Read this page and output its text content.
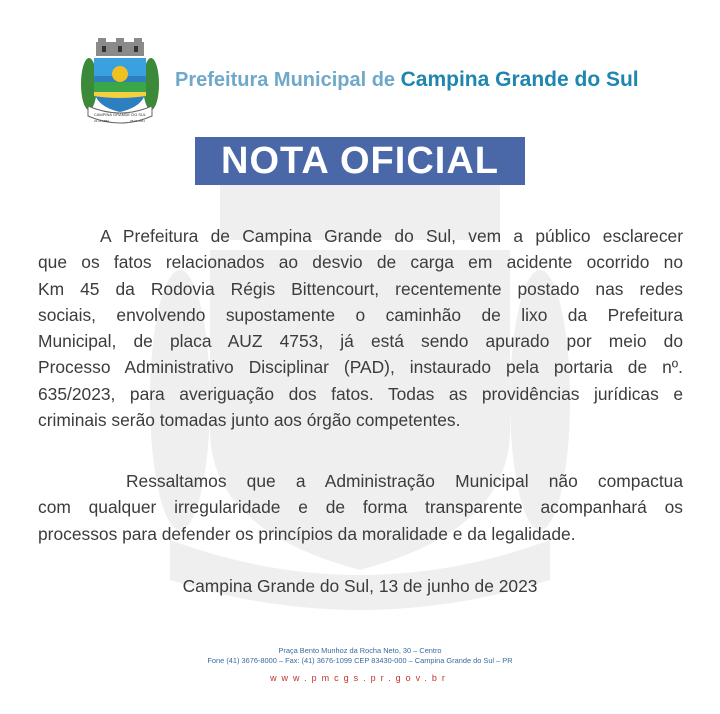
CAMPINA GRANDE DO SUL
22.11.1883	28.01.1951
Prefeitura Municipal de Campina Grande do Sul
NOTA OFICIAL
A Prefeitura de Campina Grande do Sul, vem a público esclarecer
que os fatos relacionados ao desvio de carga em acidente ocorrido no
Km 45 da Rodovia Régis Bittencourt, recentemente postado nas redes
sociais, envolvendo supostamente o caminhão de lixo da Prefeitura
Municipal, de placa AUZ 4753, já está sendo apurado por meio do
Processo Administrativo Disciplinar (PAD), instaurado pela portaria de nº.
635/2023, para averiguação dos fatos. Todas as providências jurídicas e
criminais serão tomadas junto aos órgão competentes.
Ressaltamos que a Administração Municipal não compactua
com qualquer irregularidade e de forma transparente acompanhará os
processos para defender os princípios da moralidade e da legalidade.
Campina Grande do Sul, 13 de junho de 2023
Praça Bento Munhoz da Rocha Neto, 30 – Centro
Fone (41) 3676-8000 – Fax: (41) 3676-1099 CEP 83430-000 – Campina Grande do Sul – PR
www.pmcgs.pr.gov.br
